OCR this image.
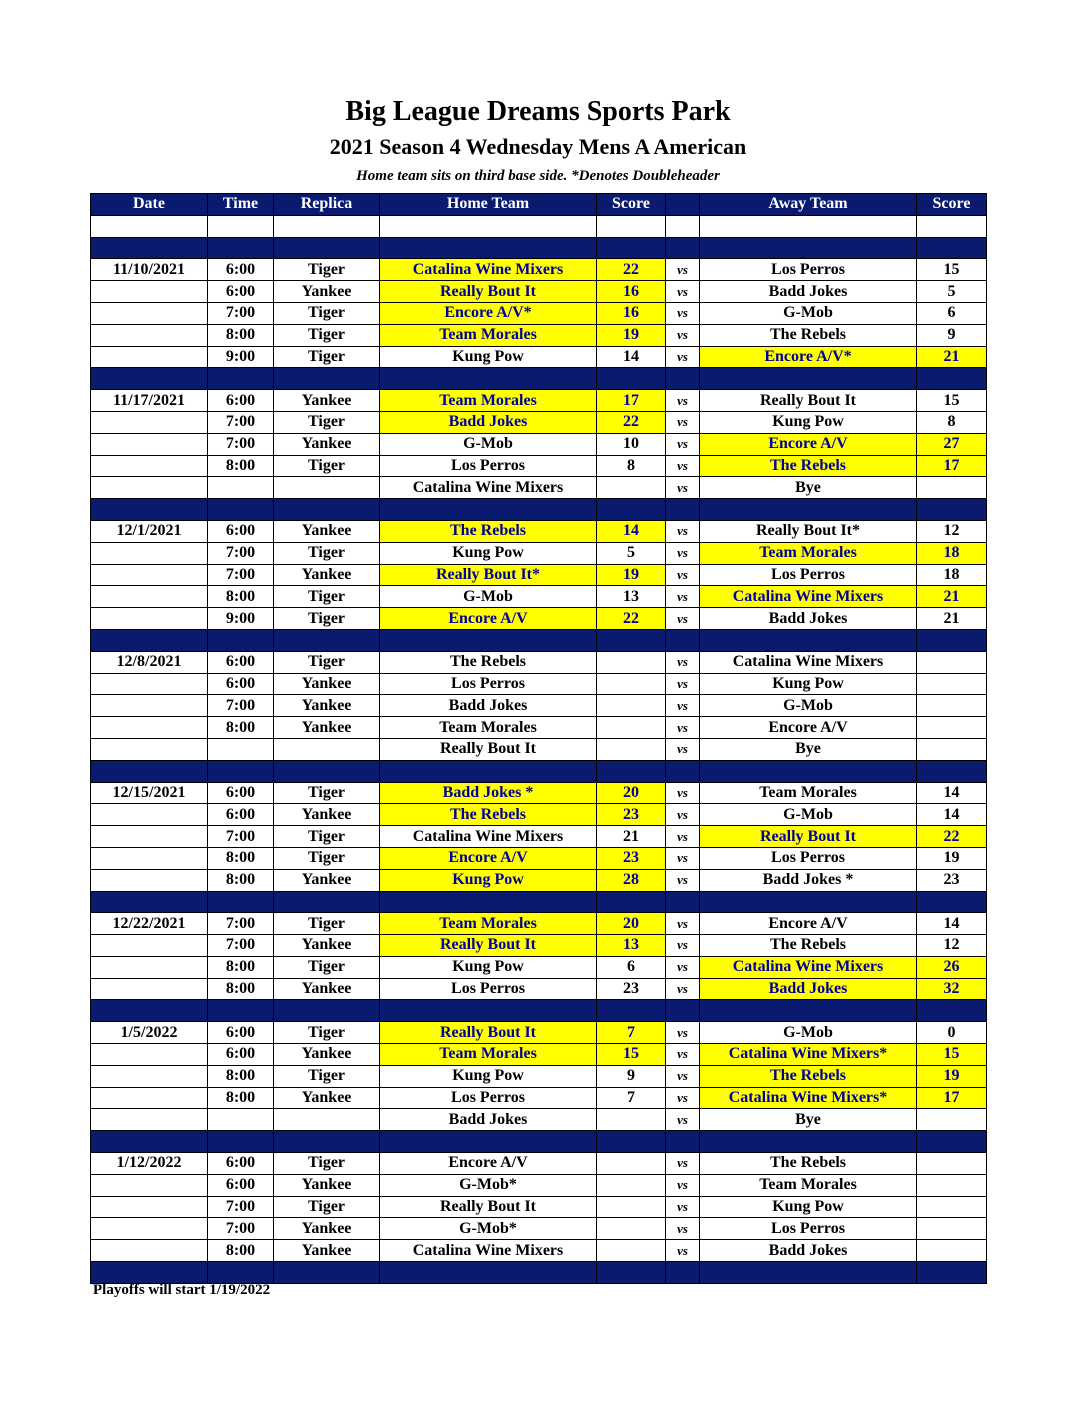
Big League Dreams Sports Park
2021 Season 4 Wednesday Mens A American
Home team sits on third base side. *Denotes Doubleheader
Date	Time	Replica	Home Team	Score		Away Team	Score

11/10/2021	6:00	Tiger	Catalina Wine Mixers	22	vs	Los Perros	15
	6:00	Yankee	Really Bout It	16	vs	Badd Jokes	5
	7:00	Tiger	Encore A/V*	16	vs	G-Mob	6
	8:00	Tiger	Team Morales	19	vs	The Rebels	9
	9:00	Tiger	Kung Pow	14	vs	Encore A/V*	21

11/17/2021	6:00	Yankee	Team Morales	17	vs	Really Bout It	15
	7:00	Tiger	Badd Jokes	22	vs	Kung Pow	8
	7:00	Yankee	G-Mob	10	vs	Encore A/V	27
	8:00	Tiger	Los Perros	8	vs	The Rebels	17
			Catalina Wine Mixers		vs	Bye	

12/1/2021	6:00	Yankee	The Rebels	14	vs	Really Bout It*	12
	7:00	Tiger	Kung Pow	5	vs	Team Morales	18
	7:00	Yankee	Really Bout It*	19	vs	Los Perros	18
	8:00	Tiger	G-Mob	13	vs	Catalina Wine Mixers	21
	9:00	Tiger	Encore A/V	22	vs	Badd Jokes	21

12/8/2021	6:00	Tiger	The Rebels		vs	Catalina Wine Mixers	
	6:00	Yankee	Los Perros		vs	Kung Pow	
	7:00	Yankee	Badd Jokes		vs	G-Mob	
	8:00	Yankee	Team Morales		vs	Encore A/V	
			Really Bout It		vs	Bye	

12/15/2021	6:00	Tiger	Badd Jokes *	20	vs	Team Morales	14
	6:00	Yankee	The Rebels	23	vs	G-Mob	14
	7:00	Tiger	Catalina Wine Mixers	21	vs	Really Bout It	22
	8:00	Tiger	Encore A/V	23	vs	Los Perros	19
	8:00	Yankee	Kung Pow	28	vs	Badd Jokes *	23

12/22/2021	7:00	Tiger	Team Morales	20	vs	Encore A/V	14
	7:00	Yankee	Really Bout It	13	vs	The Rebels	12
	8:00	Tiger	Kung Pow	6	vs	Catalina Wine Mixers	26
	8:00	Yankee	Los Perros	23	vs	Badd Jokes	32

1/5/2022	6:00	Tiger	Really Bout It	7	vs	G-Mob	0
	6:00	Yankee	Team Morales	15	vs	Catalina Wine Mixers*	15
	8:00	Tiger	Kung Pow	9	vs	The Rebels	19
	8:00	Yankee	Los Perros	7	vs	Catalina Wine Mixers*	17
			Badd Jokes		vs	Bye	

1/12/2022	6:00	Tiger	Encore A/V		vs	The Rebels	
	6:00	Yankee	G-Mob*		vs	Team Morales	
	7:00	Tiger	Really Bout It		vs	Kung Pow	
	7:00	Yankee	G-Mob*		vs	Los Perros	
	8:00	Yankee	Catalina Wine Mixers		vs	Badd Jokes	

Playoffs will start 1/19/2022
